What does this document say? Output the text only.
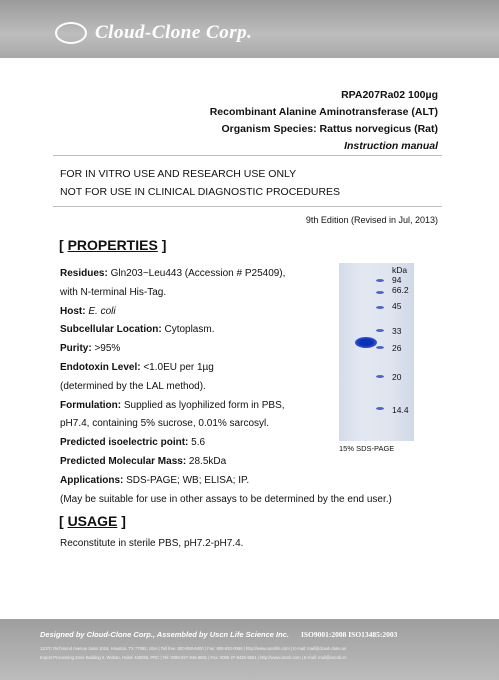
Cloud-Clone Corp.
RPA207Ra02 100µg
Recombinant Alanine Aminotransferase (ALT)
Organism Species: Rattus norvegicus (Rat)
Instruction manual
FOR IN VITRO USE AND RESEARCH USE ONLY
NOT FOR USE IN CLINICAL DIAGNOSTIC PROCEDURES
9th Edition (Revised in Jul, 2013)
[ PROPERTIES ]
Residues: Gln203~Leu443 (Accession # P25409),
with N-terminal His-Tag.
Host: E. coli
Subcellular Location: Cytoplasm.
Purity: >95%
Endotoxin Level: <1.0EU per 1µg
(determined by the LAL method).
Formulation: Supplied as lyophilized form in PBS,
pH7.4, containing 5% sucrose, 0.01% sarcosyl.
Predicted isoelectric point: 5.6
Predicted Molecular Mass: 28.5kDa
Applications: SDS-PAGE; WB; ELISA; IP.
(May be suitable for use in other assays to be determined by the end user.)
kDa
94
66.2
45
33
26
20
14.4
15% SDS-PAGE
[ USAGE ]
Reconstitute in sterile PBS, pH7.2-pH7.4.
Designed by Cloud-Clone Corp., Assembled by Uscn Life Science Inc. ISO9001:2008 ISO13485:2003
1107C Richmond Avenue Suite 1016, Houston, TX 77082, USA | Toll free: 800-880-6400 | Fax: 800-533-0066 | http://www.uscnlife.com | E-mail: mail@cloud-clone.us
Export Processing Zone Building II, Wuhan, Hubei 430056, PRC | Tel: 0086-027-845-6691 | Fax: 0086-27-8425-9551 | http://www.uscnk.com | E-mail: mail@uscnk.cn
